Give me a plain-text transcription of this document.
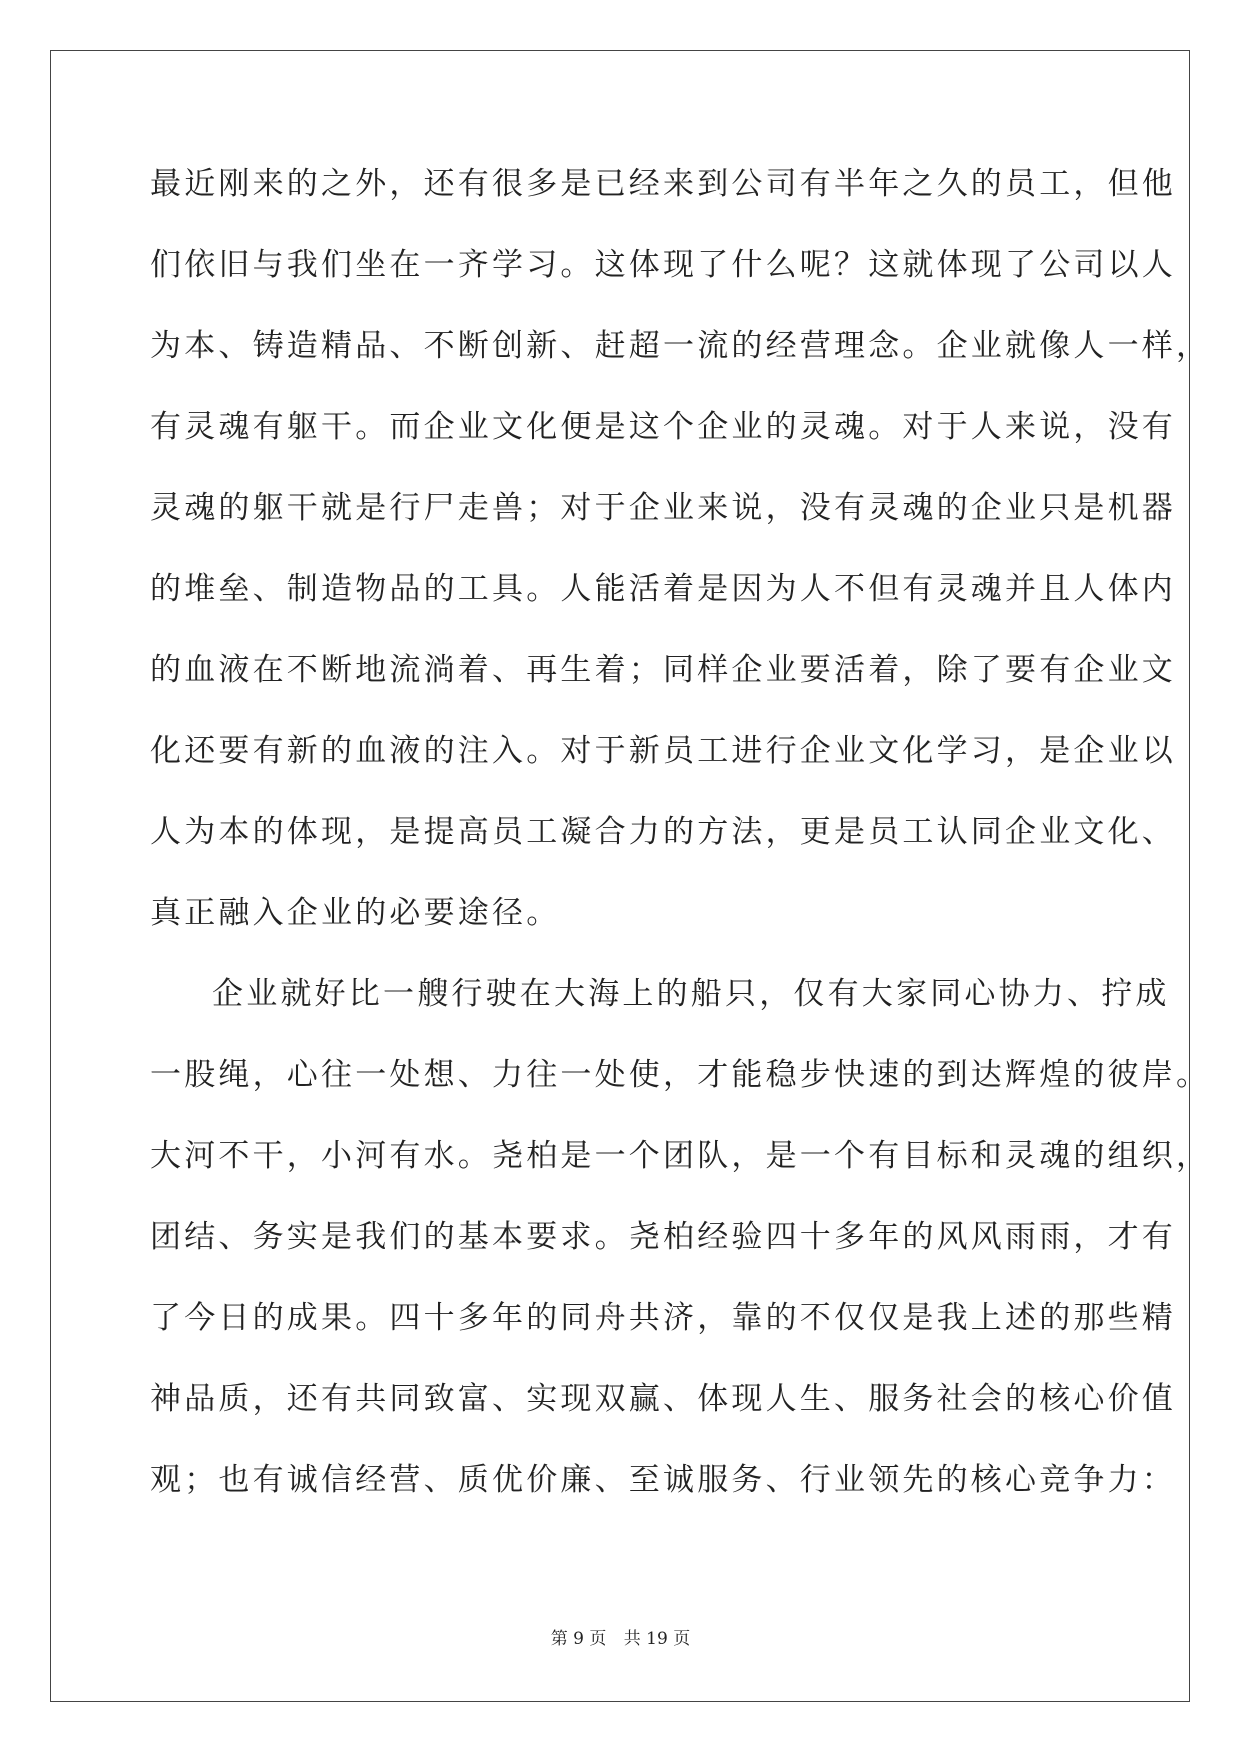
最近刚来的之外，还有很多是已经来到公司有半年之久的员工，但他
们依旧与我们坐在一齐学习。这体现了什么呢？这就体现了公司以人
为本、铸造精品、不断创新、赶超一流的经营理念。企业就像人一样，
有灵魂有躯干。而企业文化便是这个企业的灵魂。对于人来说，没有
灵魂的躯干就是行尸走兽；对于企业来说，没有灵魂的企业只是机器
的堆垒、制造物品的工具。人能活着是因为人不但有灵魂并且人体内
的血液在不断地流淌着、再生着；同样企业要活着，除了要有企业文
化还要有新的血液的注入。对于新员工进行企业文化学习，是企业以
人为本的体现，是提高员工凝合力的方法，更是员工认同企业文化、
真正融入企业的必要途径。
企业就好比一艘行驶在大海上的船只，仅有大家同心协力、拧成
一股绳，心往一处想、力往一处使，才能稳步快速的到达辉煌的彼岸。
大河不干，小河有水。尧柏是一个团队，是一个有目标和灵魂的组织，
团结、务实是我们的基本要求。尧柏经验四十多年的风风雨雨，才有
了今日的成果。四十多年的同舟共济，靠的不仅仅是我上述的那些精
神品质，还有共同致富、实现双赢、体现人生、服务社会的核心价值
观；也有诚信经营、质优价廉、至诚服务、行业领先的核心竞争力：
第 9 页 共 19 页
